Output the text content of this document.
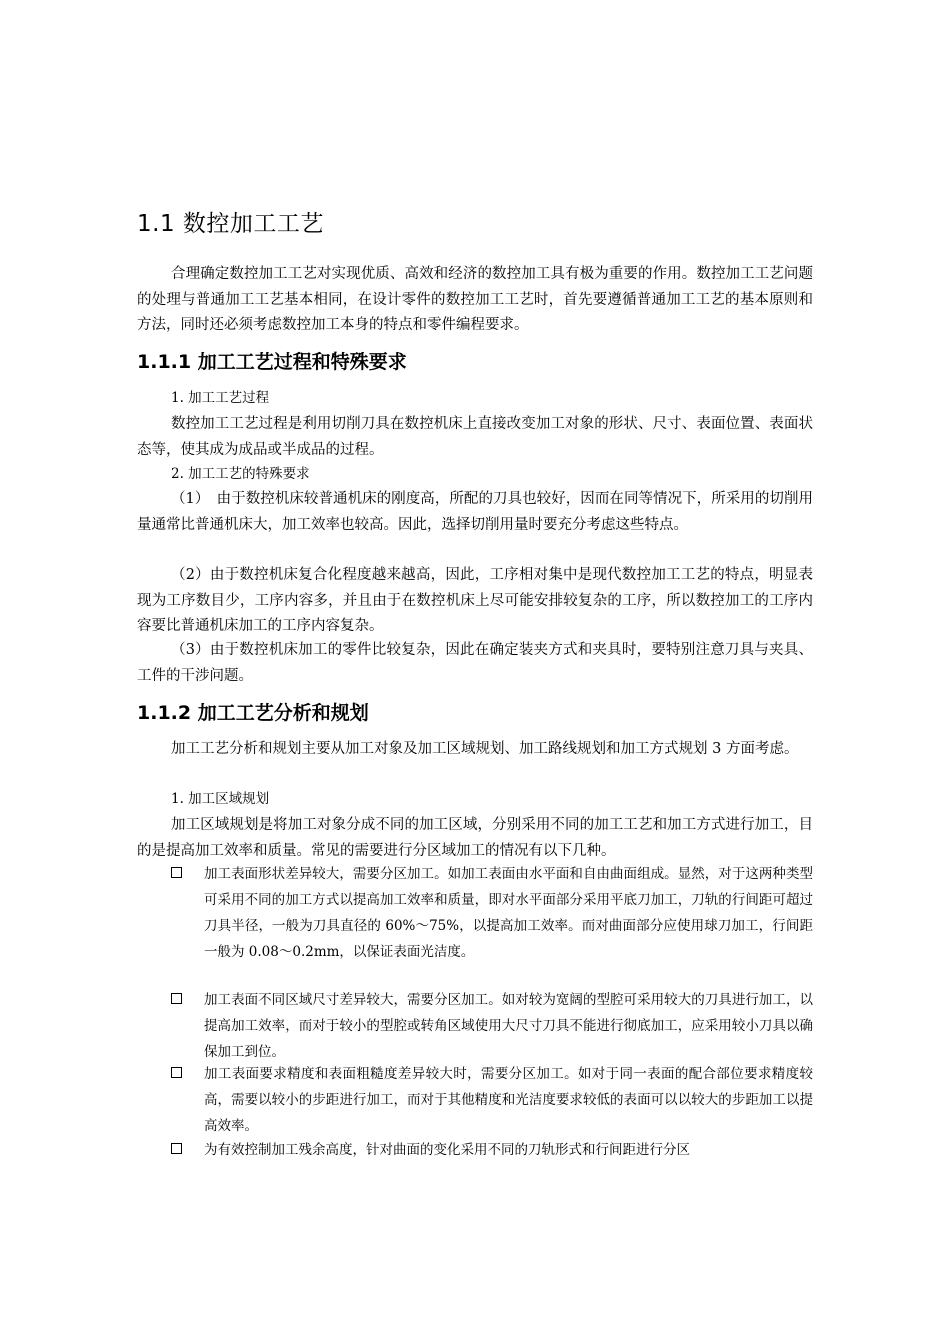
1.1 数控加工工艺
合理确定数控加工工艺对实现优质、高效和经济的数控加工具有极为重要的作用。数控加工工艺问题的处理与普通加工工艺基本相同，在设计零件的数控加工工艺时，首先要遵循普通加工工艺的基本原则和方法，同时还必须考虑数控加工本身的特点和零件编程要求。
1.1.1 加工工艺过程和特殊要求
1. 加工工艺过程
数控加工工艺过程是利用切削刀具在数控机床上直接改变加工对象的形状、尺寸、表面位置、表面状态等，使其成为成品或半成品的过程。
2. 加工工艺的特殊要求
（1）　由于数控机床较普通机床的刚度高，所配的刀具也较好，因而在同等情况下，所采用的切削用量通常比普通机床大，加工效率也较高。因此，选择切削用量时要充分考虑这些特点。
（2）由于数控机床复合化程度越来越高，因此，工序相对集中是现代数控加工工艺的特点，明显表现为工序数目少，工序内容多，并且由于在数控机床上尽可能安排较复杂的工序，所以数控加工的工序内容要比普通机床加工的工序内容复杂。
（3）由于数控机床加工的零件比较复杂，因此在确定装夹方式和夹具时，要特别注意刀具与夹具、工件的干涉问题。
1.1.2 加工工艺分析和规划
加工工艺分析和规划主要从加工对象及加工区域规划、加工路线规划和加工方式规划 3 方面考虑。
1. 加工区域规划
加工区域规划是将加工对象分成不同的加工区域，分别采用不同的加工工艺和加工方式进行加工，目的是提高加工效率和质量。常见的需要进行分区域加工的情况有以下几种。
加工表面形状差异较大，需要分区加工。如加工表面由水平面和自由曲面组成。显然，对于这两种类型可采用不同的加工方式以提高加工效率和质量，即对水平面部分采用平底刀加工，刀轨的行间距可超过刀具半径，一般为刀具直径的 60%～75%，以提高加工效率。而对曲面部分应使用球刀加工，行间距一般为 0.08～0.2mm，以保证表面光洁度。
加工表面不同区域尺寸差异较大，需要分区加工。如对较为宽阔的型腔可采用较大的刀具进行加工，以提高加工效率，而对于较小的型腔或转角区域使用大尺寸刀具不能进行彻底加工，应采用较小刀具以确保加工到位。
加工表面要求精度和表面粗糙度差异较大时，需要分区加工。如对于同一表面的配合部位要求精度较高，需要以较小的步距进行加工，而对于其他精度和光洁度要求较低的表面可以以较大的步距加工以提高效率。
为有效控制加工残余高度，针对曲面的变化采用不同的刀轨形式和行间距进行分区
